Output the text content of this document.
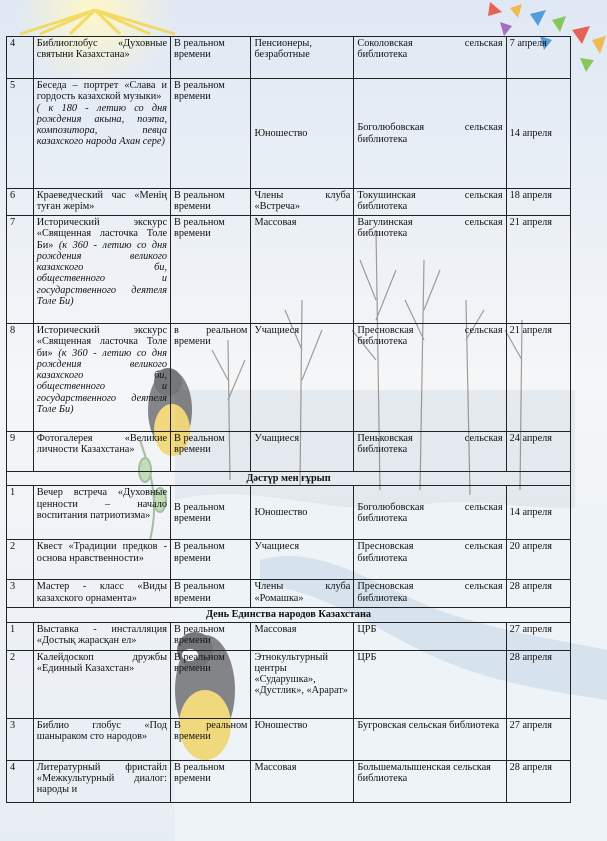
4	Библиоглобус «Духовные святыни Казахстана»	В реальном времени	Пенсионеры, безработные	Соколовская сельская библиотека	7 апреля
5	Беседа – портрет «Слава и гордость казахской музыки»
( к 180 - летию со дня рождения акына, поэта, композитора, певца казахского народа Ахан сере)	В реальном времени	Юношество	Боголюбовская сельская библиотека	14 апреля
6	Краеведческий час «Менің туған жерім»	В реальном времени	Члены клуба «Встреча»	Токушинская сельская библиотека	18 апреля
7	Исторический экскурс «Священная ласточка Толе Би» (к 360 - летию со дня рождения великого казахского би, общественного и государственного деятеля Толе Би)	В реальном времени	Массовая	Вагулинская сельская библиотека	21 апреля
8	Исторический экскурс «Священная ласточка Толе би» (к 360 - летию со дня рождения великого казахского би, общественного и государственного деятеля Толе Би)	в реальном времени	Учащиеся	Пресновская сельская библиотека	21 апреля
9	Фотогалерея «Великие личности Казахстана»	В реальном времени	Учащиеся	Пеньковская сельская библиотека	24 апреля
Дәстүр мен ғұрып					
1	Вечер встреча «Духовные ценности – начало воспитания патриотизма»	В реальном времени	Юношество	Боголюбовская сельская библиотека	14 апреля
2	Квест «Традиции предков - основа нравственности»	В реальном времени	Учащиеся	Пресновская сельская библиотека	20 апреля
3	Мастер - класс «Виды казахского орнамента»	В реальном времени	Члены клуба «Ромашка»	Пресновская сельская библиотека	28 апреля
День Единства народов Казахстана					
1	Выставка - инсталляция «Достық жарасқан ел»	В реальном времени	Массовая	ЦРБ	27 апреля
2	Калейдоскоп дружбы «Единный Казахстан»	В реальном времени	Этнокультурный центры «Сударушка», «Дустлик», «Арарат»	ЦРБ	28 апреля
3	Библио глобус «Под шаныраком сто народов»	В реальном времени	Юношество	Бугровская сельская библиотека	27 апреля
4	Литературный фристайл «Межкультурный диалог: народы и	В реальном времени	Массовая	Большемалышенская сельская библиотека	28 апреля
